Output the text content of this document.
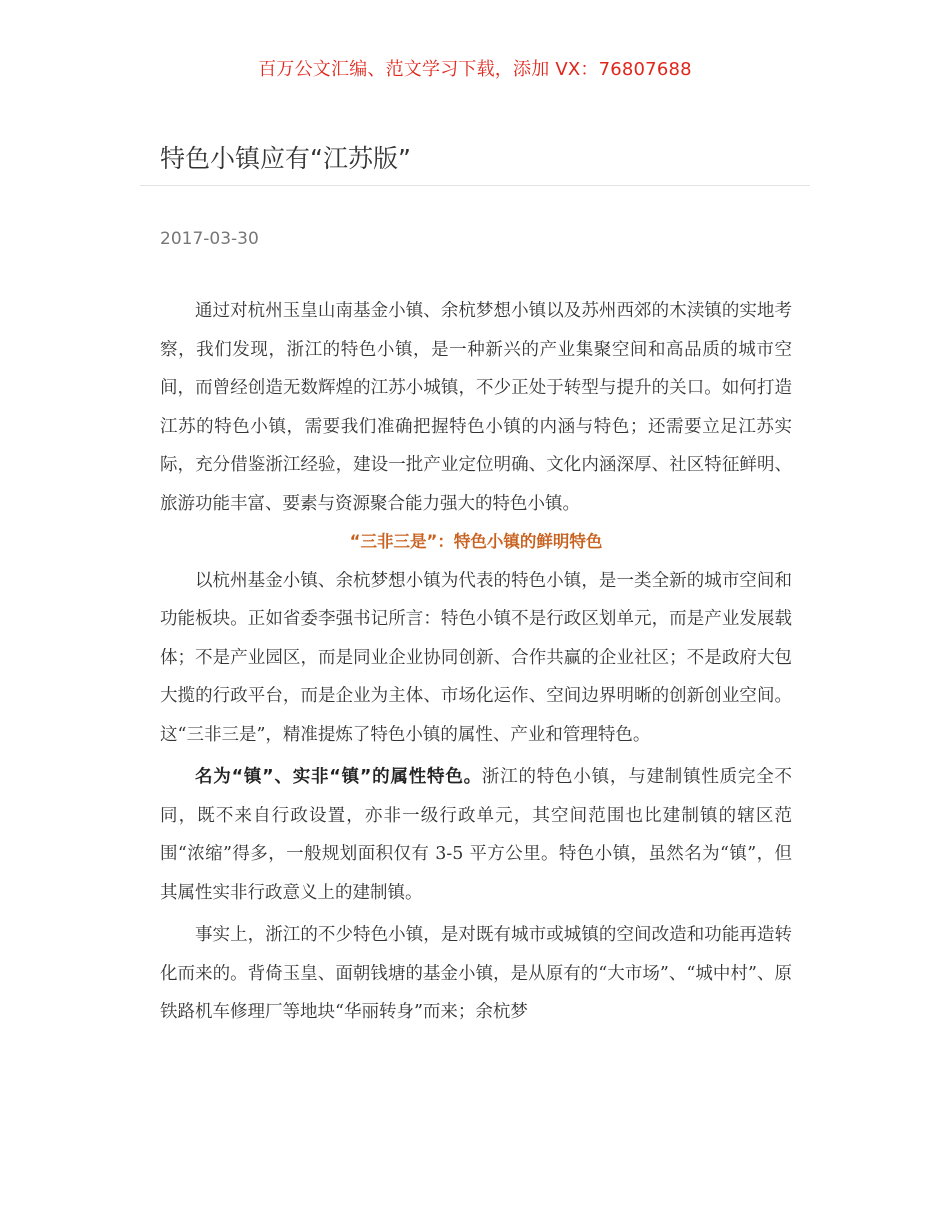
百万公文汇编、范文学习下载，添加 VX：76807688
特色小镇应有“江苏版”
2017-03-30

通过对杭州玉皇山南基金小镇、余杭梦想小镇以及苏州西郊的木渎镇的实地考察，我们发现，浙江的特色小镇，是一种新兴的产业集聚空间和高品质的城市空间，而曾经创造无数辉煌的江苏小城镇，不少正处于转型与提升的关口。如何打造江苏的特色小镇，需要我们准确把握特色小镇的内涵与特色；还需要立足江苏实际，充分借鉴浙江经验，建设一批产业定位明确、文化内涵深厚、社区特征鲜明、旅游功能丰富、要素与资源聚合能力强大的特色小镇。

“三非三是”：特色小镇的鲜明特色

以杭州基金小镇、余杭梦想小镇为代表的特色小镇，是一类全新的城市空间和功能板块。正如省委李强书记所言：特色小镇不是行政区划单元，而是产业发展载体；不是产业园区，而是同业企业协同创新、合作共赢的企业社区；不是政府大包大揽的行政平台，而是企业为主体、市场化运作、空间边界明晰的创新创业空间。这“三非三是”，精准提炼了特色小镇的属性、产业和管理特色。

名为“镇”、实非“镇”的属性特色。浙江的特色小镇，与建制镇性质完全不同，既不来自行政设置，亦非一级行政单元，其空间范围也比建制镇的辖区范围“浓缩”得多，一般规划面积仅有 3-5 平方公里。特色小镇，虽然名为“镇”，但其属性实非行政意义上的建制镇。

事实上，浙江的不少特色小镇，是对既有城市或城镇的空间改造和功能再造转化而来的。背倚玉皇、面朝钱塘的基金小镇，是从原有的“大市场”、“城中村”、原铁路机车修理厂等地块“华丽转身”而来；余杭梦
